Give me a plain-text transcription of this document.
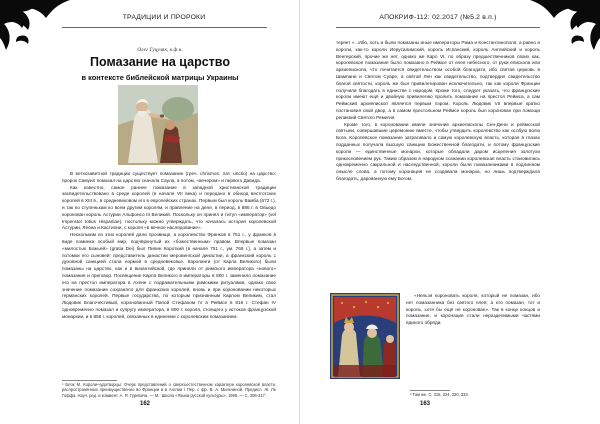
ТРАДИЦИИ И ПРОРОКИ
Олег Гуцуляк, к.ф.н.
Помазание на царство
в контексте библейской матрицы Украины

В ветхозаветной традиции существует помазание (греч. chrismos, лат. unctio) на царство: пророк Самуил помазал на царство сначала Саула, а потом, «вечером» и первого Давида.

Как известно, самое раннее помазание в западной христианской традиции засвидетельствовано в среде королей (в начале VII века) и передано в обиход вестготских королей в XIII в., в средневековом его в европейских странах. Первым был король Вамба (672 г.), и так по ступенькам ко всем другим королям, и правление на деле, в период, в 886 г. в Овьедо коронован король Астурии Альфонсо III Великий. Поскольку он принял и титул «император» (vel Imperator totius Hispaniae), постольку можно утверждать, что началась история королевской Астурии, Леона и Кастилии, с короля «в вечное наследование».

Нескольким из этих королей дали прозвище, а королевство Франков в 751 г., у франков в виде поминка особый мир, подчёркнутый их «божественным» правом. Впервые помазан «милостью Божьей» (gratia Dei) был Пипин Короткий (в начале 751 г., ум. 768 г.), а затем и потомки его сыновей: представитель династии меровингской династии, а франкский король с духовной санкцией стала нормой в средневековье. Каролинги (от Карла Великого) были помазаны на царство, как и в византийской, где приняли от римского императора «нового» помазания и приговор. Посвящение Карла Великого в императоры в 800 г. заменило помазание его на престол императора в Ахене с подражательными римскими ритуалами, однако свое значение помазание сохраняло для франкских королей, вновь и при короновании некоторых германских королей. Первые государства, по которым признанным Карлом Великим, стал Людовик Благочестивый, коронованный Папой Стефаном IV в Реймсе в 816 г. Стефан IV одновременно помазал и супругу императора, в 800 г. короля, стоящего у истоков французской монархии, и в 858 г. королей, связанных в единении с королевским помазанием.

¹ Блок М. Короли-чудотворцы: Очерк представлений о сверхъестественном характере королевской власти, распространённых преимущественно во Франции и в Англии / Пер. с фр. В. А. Мильчиной. Предисл. Ж. Ле Гоффа. Науч. ред. и коммент. А. Я. Гуревича. — М.: Школа «Языки русской культуры», 1998. — С. 306-317.
162
АПОКРИФ-112: 02.2017 (№5.2 в.п.)

теряет «...Ибо, хоть и были помазаны иные императоры Рима и Константинополя, а равно и короли, как-то короли Иерусалимский, король Испанский, король Английский и король Венгерский, прочие же нет, однако же Карл VI, по образу предшественников своих как, королевское помазание было помазано в Реймсе от елея небесного, от руки епископа или архиепископа, что почитается свидетельством особой благодати, ибо святая церковь в Шампани и Святом Суаре, а святой Лен как свидетельство, подтвердил свидетельство благой святости, король же был привилегирован исключительно, так как короли Франции получили благодать в единстве с народом. Кроме того, следует указать, что французские короли имеют ещё и двойную привилегию пролить помазание на престол Реймса, а сам Реймский архиепископ является первым пэром. Король Людовик VII впервые кратко постановил свой двор, а в самом престольном Реймсе король был коронован при помощи реликвий Святого Ремигия.

Кроме того, в короновании имели значение архиепископы Сен-Дени и реймсской святыни, совершавшие церемонию вместе, чтобы утвердить королевство как особую волю Бога. Королевское помазание затрагивало и самую королевскую власть, которая в глазах подданных получала высшую санкцию Божественной благодати, и потому французские короли — единственные монархи, которые обладали даром исцеления золотухи прикосновением рук. Таким образом в народном сознании королевская власть становилась одновременно сакральной и наследственной, короли были помазанниками в подлинном смысле слова, а потому коронация не создавала монарха, но лишь подтверждала благодать, дарованную ему Богом.

«Нельзя короновать короля, который не помазан, ибо нет помазанника без святого елея; а кто помазан, тот и король, хотя бы ещё не коронован». Так в конце концов и помазание, и коронация стали неразделимыми частями единого обряда.

² Там же. С. 316, 324, 330, 333.
163
